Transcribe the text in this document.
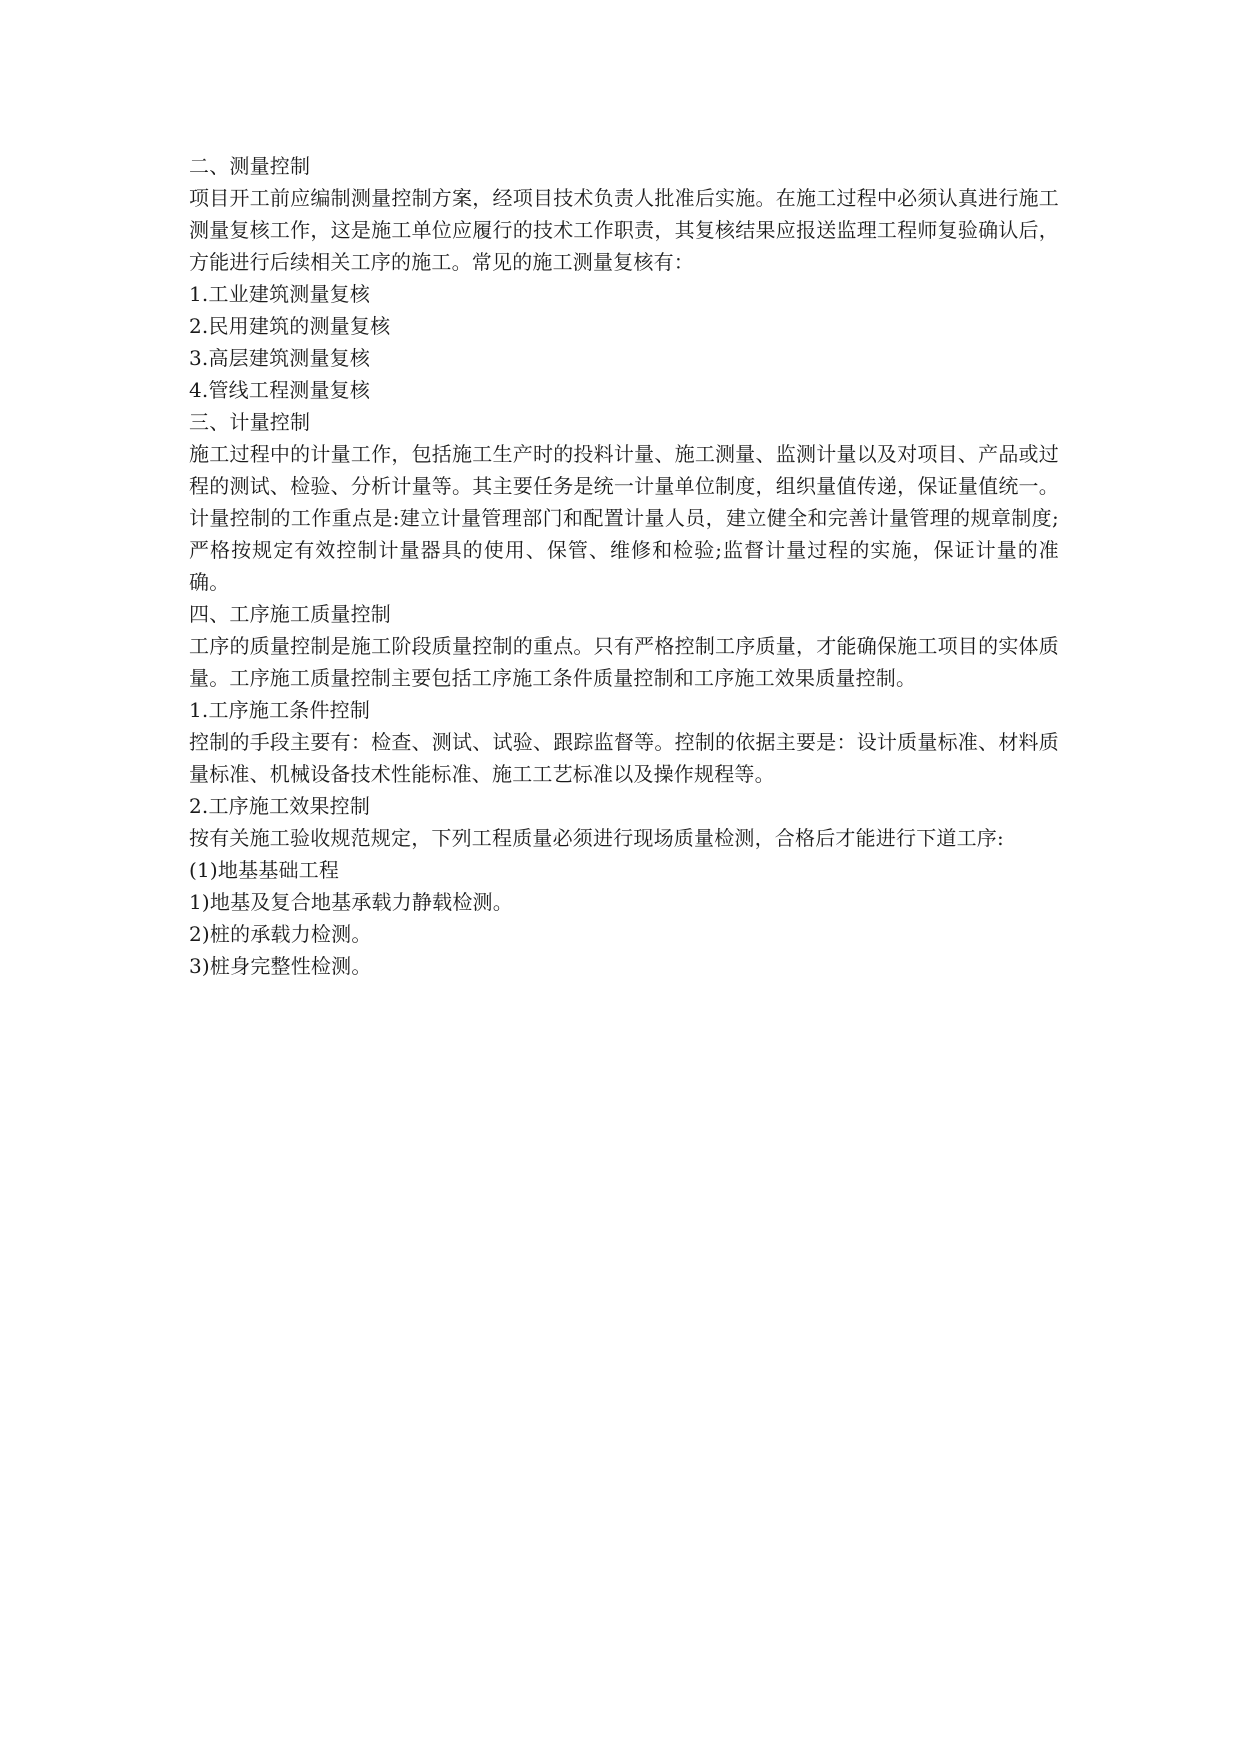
二、测量控制

项目开工前应编制测量控制方案，经项目技术负责人批准后实施。在施工过程中必须认真进行施工测量复核工作，这是施工单位应履行的技术工作职责，其复核结果应报送监理工程师复验确认后，方能进行后续相关工序的施工。常见的施工测量复核有：

1.工业建筑测量复核

2.民用建筑的测量复核

3.高层建筑测量复核

4.管线工程测量复核

三、计量控制

施工过程中的计量工作，包括施工生产时的投料计量、施工测量、监测计量以及对项目、产品或过程的测试、检验、分析计量等。其主要任务是统一计量单位制度，组织量值传递，保证量值统一。计量控制的工作重点是:建立计量管理部门和配置计量人员，建立健全和完善计量管理的规章制度;严格按规定有效控制计量器具的使用、保管、维修和检验;监督计量过程的实施，保证计量的准确。

四、工序施工质量控制

工序的质量控制是施工阶段质量控制的重点。只有严格控制工序质量，才能确保施工项目的实体质量。工序施工质量控制主要包括工序施工条件质量控制和工序施工效果质量控制。

1.工序施工条件控制

控制的手段主要有：检查、测试、试验、跟踪监督等。控制的依据主要是：设计质量标准、材料质量标准、机械设备技术性能标准、施工工艺标准以及操作规程等。

2.工序施工效果控制

按有关施工验收规范规定，下列工程质量必须进行现场质量检测，合格后才能进行下道工序:

(1)地基基础工程

1)地基及复合地基承载力静载检测。

2)桩的承载力检测。

3)桩身完整性检测。
